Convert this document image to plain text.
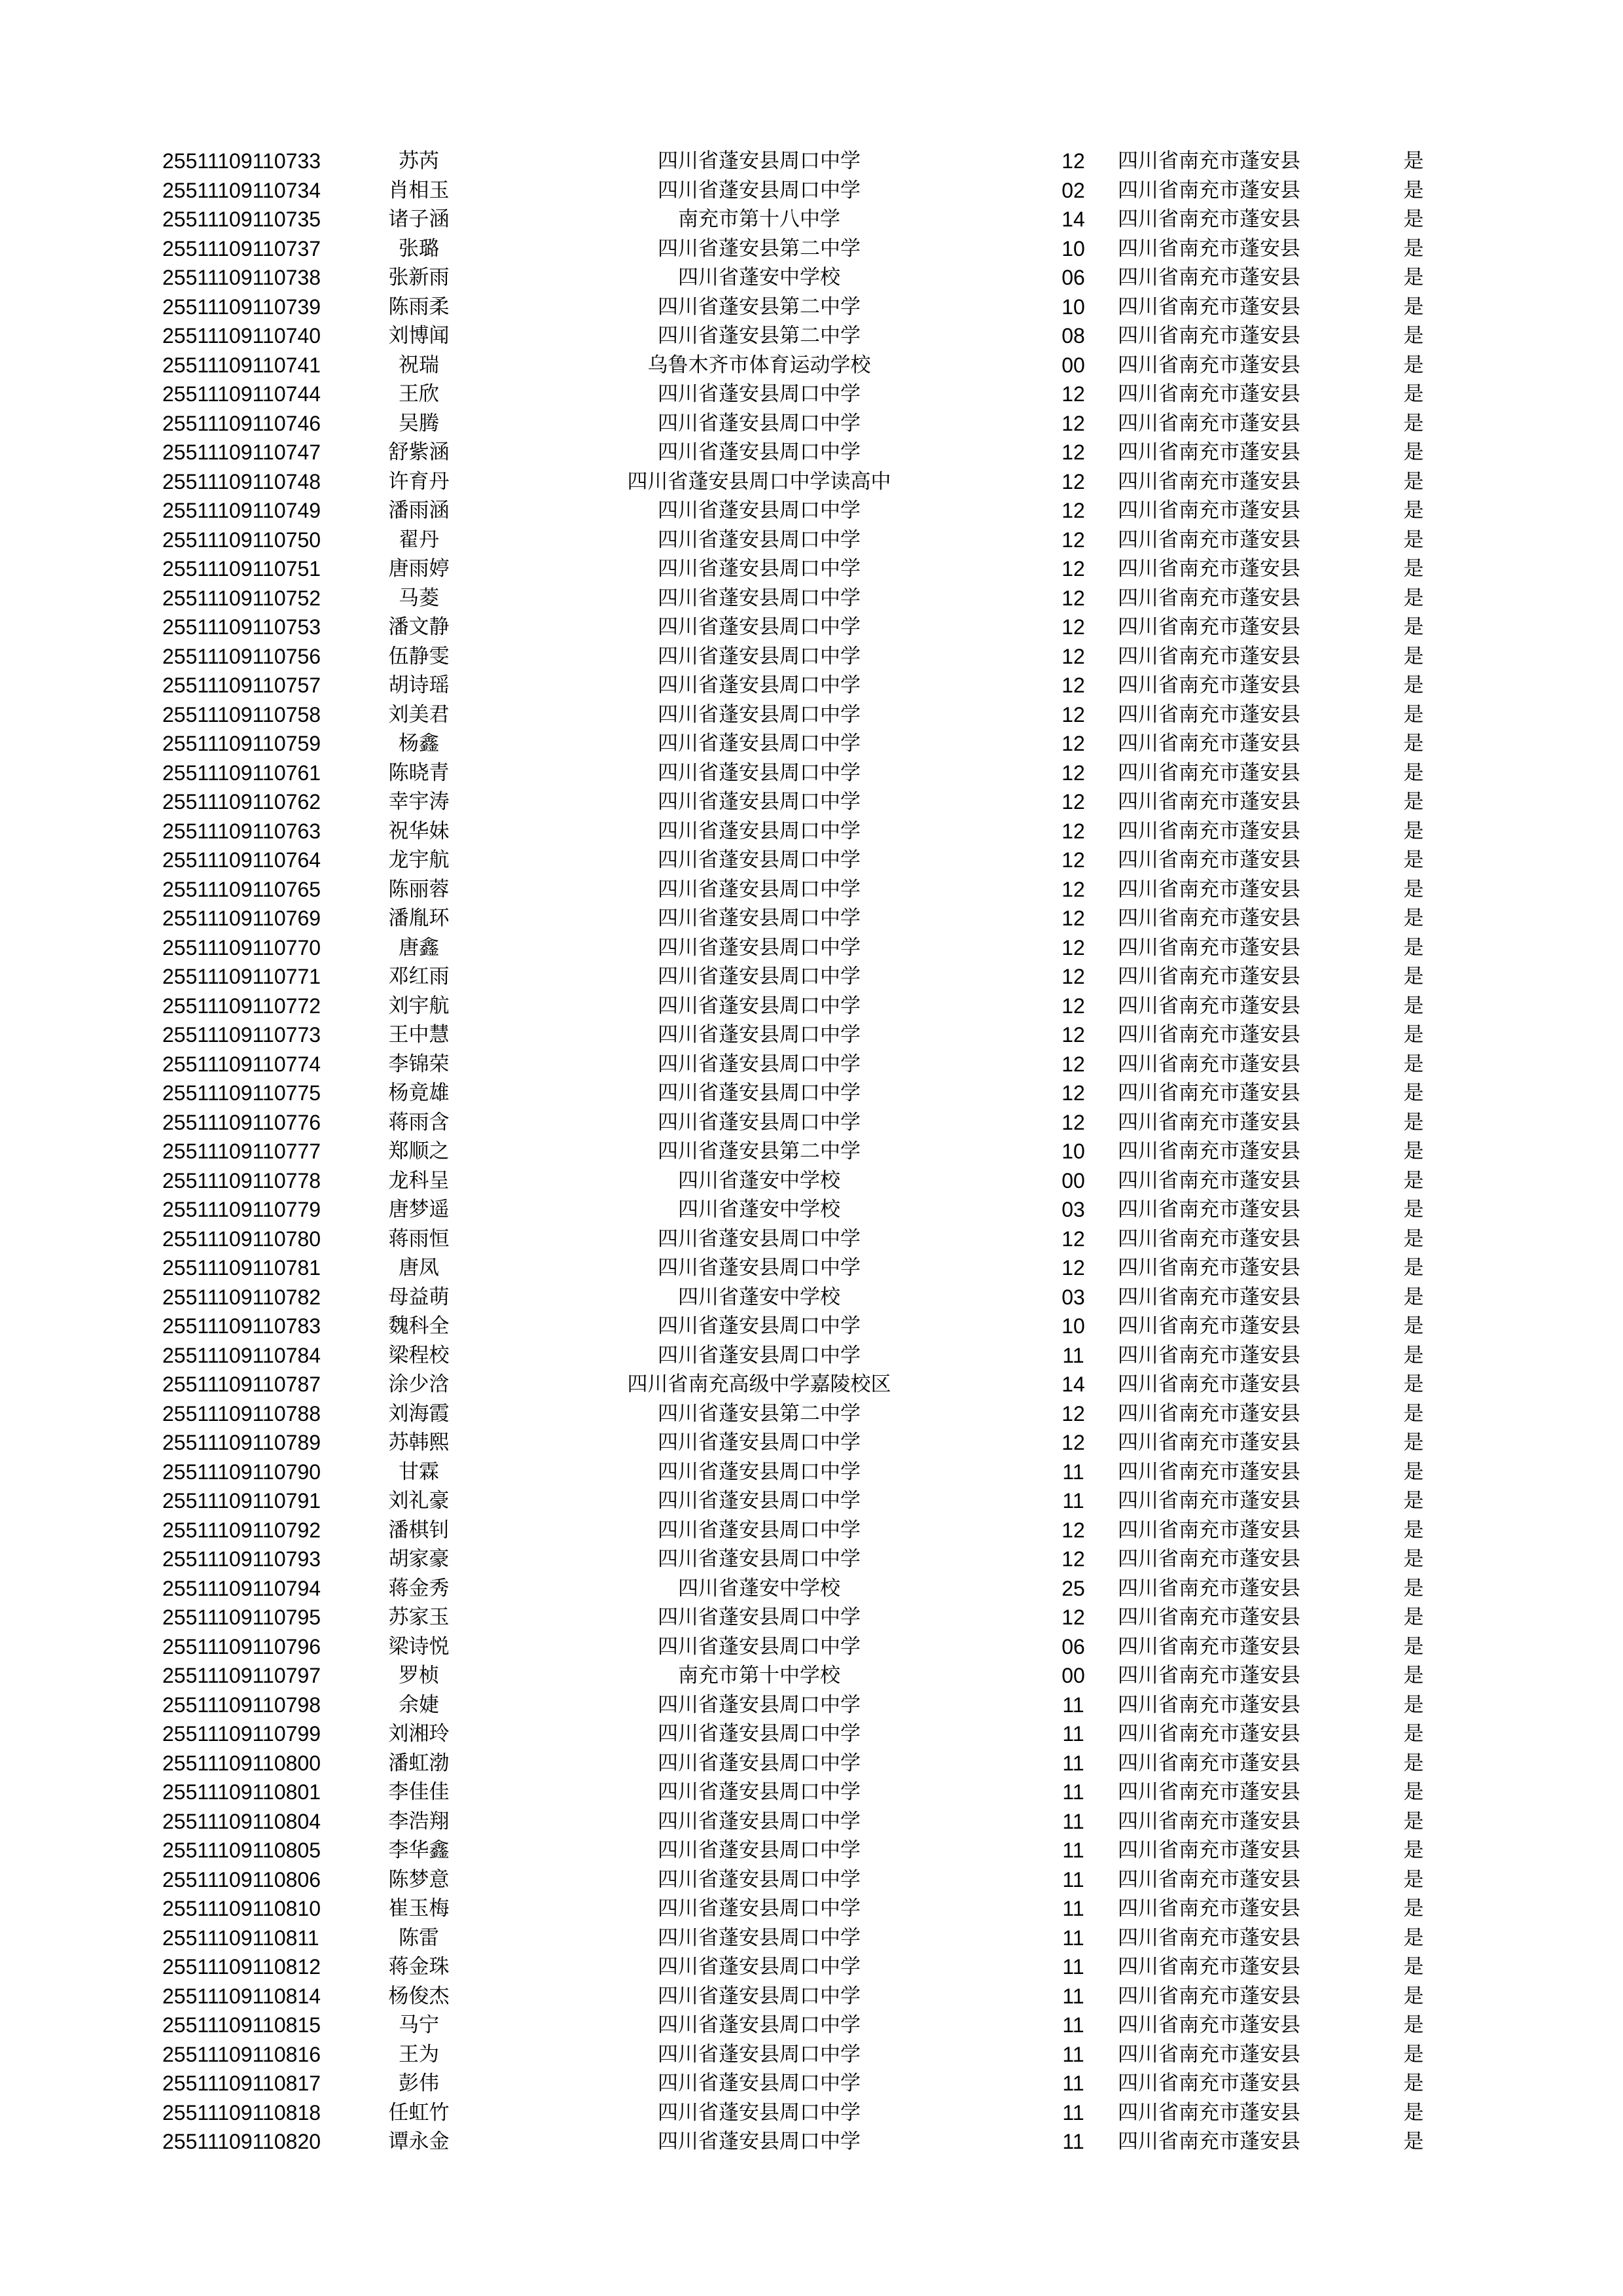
25511109110733	苏芮	四川省蓬安县周口中学	12	四川省南充市蓬安县	是
25511109110734	肖相玉	四川省蓬安县周口中学	02	四川省南充市蓬安县	是
25511109110735	诸子涵	南充市第十八中学	14	四川省南充市蓬安县	是
25511109110737	张璐	四川省蓬安县第二中学	10	四川省南充市蓬安县	是
25511109110738	张新雨	四川省蓬安中学校	06	四川省南充市蓬安县	是
25511109110739	陈雨柔	四川省蓬安县第二中学	10	四川省南充市蓬安县	是
25511109110740	刘博闻	四川省蓬安县第二中学	08	四川省南充市蓬安县	是
25511109110741	祝瑞	乌鲁木齐市体育运动学校	00	四川省南充市蓬安县	是
25511109110744	王欣	四川省蓬安县周口中学	12	四川省南充市蓬安县	是
25511109110746	吴腾	四川省蓬安县周口中学	12	四川省南充市蓬安县	是
25511109110747	舒紫涵	四川省蓬安县周口中学	12	四川省南充市蓬安县	是
25511109110748	许育丹	四川省蓬安县周口中学读高中	12	四川省南充市蓬安县	是
25511109110749	潘雨涵	四川省蓬安县周口中学	12	四川省南充市蓬安县	是
25511109110750	翟丹	四川省蓬安县周口中学	12	四川省南充市蓬安县	是
25511109110751	唐雨婷	四川省蓬安县周口中学	12	四川省南充市蓬安县	是
25511109110752	马菱	四川省蓬安县周口中学	12	四川省南充市蓬安县	是
25511109110753	潘文静	四川省蓬安县周口中学	12	四川省南充市蓬安县	是
25511109110756	伍静雯	四川省蓬安县周口中学	12	四川省南充市蓬安县	是
25511109110757	胡诗瑶	四川省蓬安县周口中学	12	四川省南充市蓬安县	是
25511109110758	刘美君	四川省蓬安县周口中学	12	四川省南充市蓬安县	是
25511109110759	杨鑫	四川省蓬安县周口中学	12	四川省南充市蓬安县	是
25511109110761	陈晓青	四川省蓬安县周口中学	12	四川省南充市蓬安县	是
25511109110762	幸宇涛	四川省蓬安县周口中学	12	四川省南充市蓬安县	是
25511109110763	祝华妹	四川省蓬安县周口中学	12	四川省南充市蓬安县	是
25511109110764	龙宇航	四川省蓬安县周口中学	12	四川省南充市蓬安县	是
25511109110765	陈丽蓉	四川省蓬安县周口中学	12	四川省南充市蓬安县	是
25511109110769	潘胤环	四川省蓬安县周口中学	12	四川省南充市蓬安县	是
25511109110770	唐鑫	四川省蓬安县周口中学	12	四川省南充市蓬安县	是
25511109110771	邓红雨	四川省蓬安县周口中学	12	四川省南充市蓬安县	是
25511109110772	刘宇航	四川省蓬安县周口中学	12	四川省南充市蓬安县	是
25511109110773	王中慧	四川省蓬安县周口中学	12	四川省南充市蓬安县	是
25511109110774	李锦荣	四川省蓬安县周口中学	12	四川省南充市蓬安县	是
25511109110775	杨竟雄	四川省蓬安县周口中学	12	四川省南充市蓬安县	是
25511109110776	蒋雨含	四川省蓬安县周口中学	12	四川省南充市蓬安县	是
25511109110777	郑顺之	四川省蓬安县第二中学	10	四川省南充市蓬安县	是
25511109110778	龙科呈	四川省蓬安中学校	00	四川省南充市蓬安县	是
25511109110779	唐梦遥	四川省蓬安中学校	03	四川省南充市蓬安县	是
25511109110780	蒋雨恒	四川省蓬安县周口中学	12	四川省南充市蓬安县	是
25511109110781	唐凤	四川省蓬安县周口中学	12	四川省南充市蓬安县	是
25511109110782	母益萌	四川省蓬安中学校	03	四川省南充市蓬安县	是
25511109110783	魏科全	四川省蓬安县周口中学	10	四川省南充市蓬安县	是
25511109110784	梁程校	四川省蓬安县周口中学	11	四川省南充市蓬安县	是
25511109110787	涂少浛	四川省南充高级中学嘉陵校区	14	四川省南充市蓬安县	是
25511109110788	刘海霞	四川省蓬安县第二中学	12	四川省南充市蓬安县	是
25511109110789	苏韩熙	四川省蓬安县周口中学	12	四川省南充市蓬安县	是
25511109110790	甘霖	四川省蓬安县周口中学	11	四川省南充市蓬安县	是
25511109110791	刘礼豪	四川省蓬安县周口中学	11	四川省南充市蓬安县	是
25511109110792	潘棋钊	四川省蓬安县周口中学	12	四川省南充市蓬安县	是
25511109110793	胡家豪	四川省蓬安县周口中学	12	四川省南充市蓬安县	是
25511109110794	蒋金秀	四川省蓬安中学校	25	四川省南充市蓬安县	是
25511109110795	苏家玉	四川省蓬安县周口中学	12	四川省南充市蓬安县	是
25511109110796	梁诗悦	四川省蓬安县周口中学	06	四川省南充市蓬安县	是
25511109110797	罗桢	南充市第十中学校	00	四川省南充市蓬安县	是
25511109110798	余婕	四川省蓬安县周口中学	11	四川省南充市蓬安县	是
25511109110799	刘湘玲	四川省蓬安县周口中学	11	四川省南充市蓬安县	是
25511109110800	潘虹渤	四川省蓬安县周口中学	11	四川省南充市蓬安县	是
25511109110801	李佳佳	四川省蓬安县周口中学	11	四川省南充市蓬安县	是
25511109110804	李浩翔	四川省蓬安县周口中学	11	四川省南充市蓬安县	是
25511109110805	李华鑫	四川省蓬安县周口中学	11	四川省南充市蓬安县	是
25511109110806	陈梦意	四川省蓬安县周口中学	11	四川省南充市蓬安县	是
25511109110810	崔玉梅	四川省蓬安县周口中学	11	四川省南充市蓬安县	是
25511109110811	陈雷	四川省蓬安县周口中学	11	四川省南充市蓬安县	是
25511109110812	蒋金珠	四川省蓬安县周口中学	11	四川省南充市蓬安县	是
25511109110814	杨俊杰	四川省蓬安县周口中学	11	四川省南充市蓬安县	是
25511109110815	马宁	四川省蓬安县周口中学	11	四川省南充市蓬安县	是
25511109110816	王为	四川省蓬安县周口中学	11	四川省南充市蓬安县	是
25511109110817	彭伟	四川省蓬安县周口中学	11	四川省南充市蓬安县	是
25511109110818	任虹竹	四川省蓬安县周口中学	11	四川省南充市蓬安县	是
25511109110820	谭永金	四川省蓬安县周口中学	11	四川省南充市蓬安县	是
